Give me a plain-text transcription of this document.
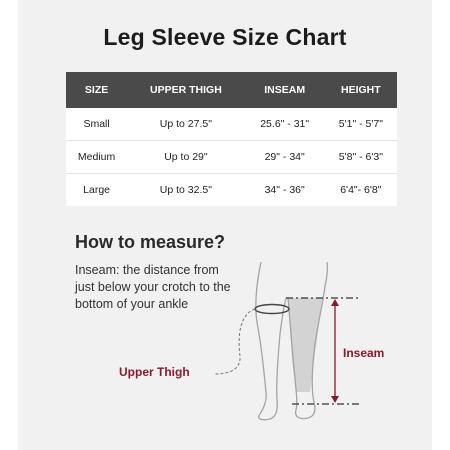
Leg Sleeve Size Chart
SIZE	UPPER THIGH	INSEAM	HEIGHT
Small	Up to 27.5"	25.6" - 31"	5'1" - 5'7"
Medium	Up to 29"	29" - 34"	5'8" - 6'3"
Large	Up to 32.5"	34" - 36"	6'4"- 6'8"
How to measure?

Inseam: the distance from just below your crotch to the bottom of your ankle

Upper Thigh
Inseam
